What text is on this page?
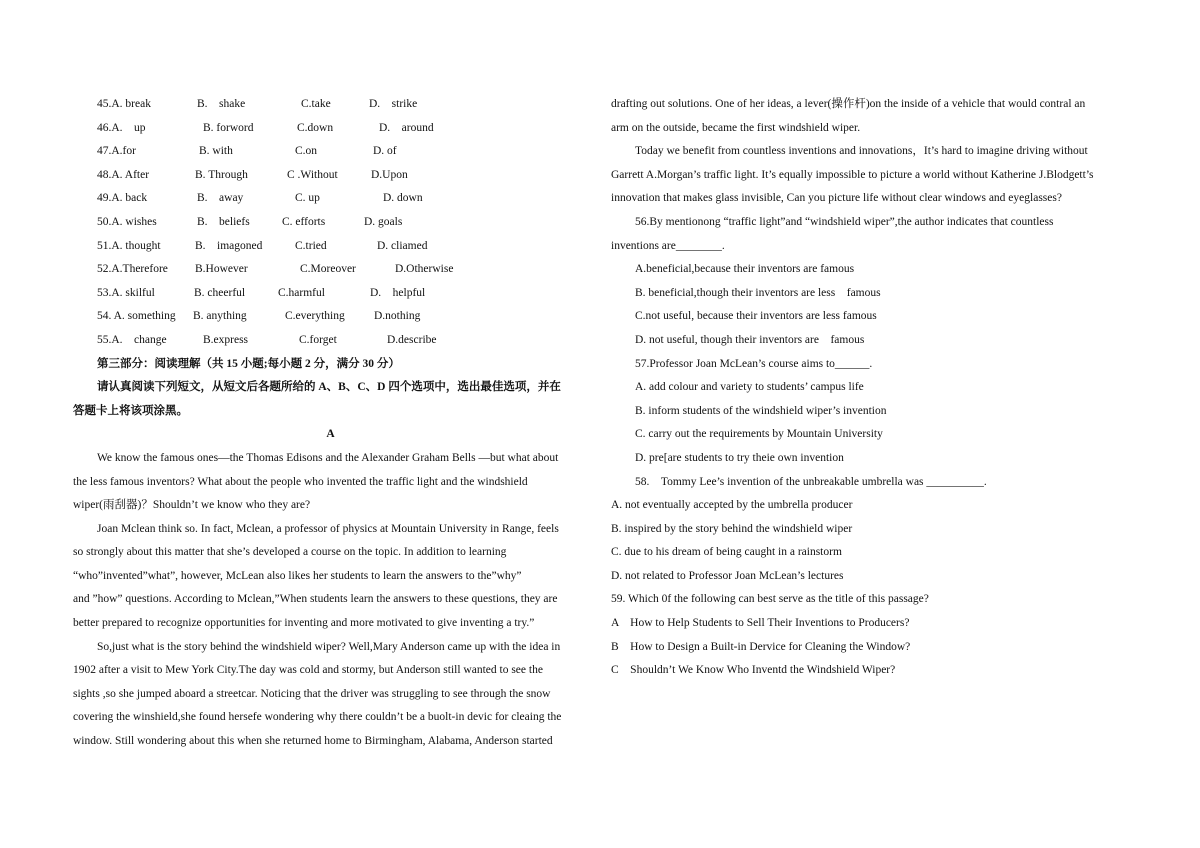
45.A. break	B.　shake	C.take	D.　strike
46.A.　up	B. forword	C.down	D.　around
47.A.for	B. with	C.on	D. of
48.A. After	B. Through	C .Without	D.Upon
49.A. back	B.　away	C. up	D. down
50.A. wishes	B.　beliefs	C. efforts	D. goals
51.A. thought	B.　imagoned	C.tried	D. cliamed
52.A.Therefore B.However	C.Moreover	D.Otherwise
53.A. skilful	B. cheerful	C.harmful	D.　helpful
54. A. something B. anything	C.everything	D.nothing
55.A.　change	B.express	C.forget	D.describe
第三部分：阅读理解（共 15 小题;每小题 2 分，满分 30 分）
请认真阅读下列短文，从短文后各题所给的 A、B、C、D 四个选项中，选出最佳选项，并在
答题卡上将该项涂黑。
A
We know the famous ones—the Thomas Edisons and the Alexander Graham Bells —but what about
the less famous inventors? What about the people who invented the traffic light and the windshield
wiper(雨刮器)？Shouldn’t we know who they are?
Joan Mclean think so. In fact, Mclean, a professor of physics at Mountain University in Range, feels
so strongly about this matter that she’s developed a course on the topic. In addition to learning
“who”invented”what”, however, McLean also likes her students to learn the answers to the”why”
and ”how” questions. According to Mclean,”When students learn the answers to these questions, they are
better prepared to recognize opportunities for inventing and more motivated to give inventing a try.”
So,just what is the story behind the windshield wiper? Well,Mary Anderson came up with the idea in
1902 after a visit to Mew York City.The day was cold and stormy, but Anderson still wanted to see the
sights ,so she jumped aboard a streetcar. Noticing that the driver was struggling to see through the snow
covering the winshield,she found hersefe wondering why there couldn’t be a buolt-in devic for cleaing the
window. Still wondering about this when she returned home to Birmingham, Alabama, Anderson started
drafting out solutions. One of her ideas, a lever(操作杆)on the inside of a vehicle that would contral an
arm on the outside, became the first windshield wiper.
Today we benefit from countless inventions and innovations，It’s hard to imagine driving without
Garrett A.Morgan’s traffic light. It’s equally impossible to picture a world without Katherine J.Blodgett’s
innovation that makes glass invisible, Can you picture life without clear windows and eyeglasses?
56.By mentionong “traffic light”and “windshield wiper”,the author indicates that countless
inventions are________.
A.beneficial,because their inventors are famous
B. beneficial,though their inventors are less　famous
C.not useful, because their inventors are less famous
D. not useful, though their inventors are　famous
57.Professor Joan McLean’s course aims to______.
A. add colour and variety to students’ campus life
B. inform students of the windshield wiper’s invention
C. carry out the requirements by Mountain University
D. pre[are students to try theie own invention
58.　Tommy Lee’s invention of the unbreakable umbrella was __________.
A. not eventually accepted by the umbrella producer
B. inspired by the story behind the windshield wiper
C. due to his dream of being caught in a rainstorm
D. not related to Professor Joan McLean’s lectures
59. Which 0f the following can best serve as the title of this passage?
A　How to Help Students to Sell Their Inventions to Producers?
B　How to Design a Built-in Dervice for Cleaning the Window?
C　Shouldn’t We Know Who Inventd the Windshield Wiper?
